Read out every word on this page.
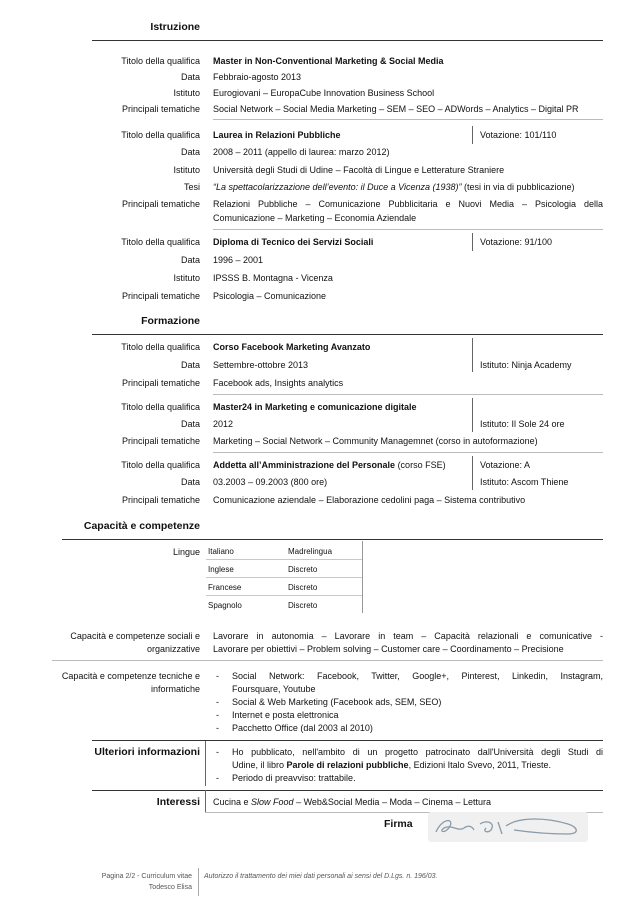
Istruzione
Titolo della qualifica Master in Non-Conventional Marketing & Social Media
Data Febbraio-agosto 2013
Istituto Eurogiovani – EuropaCube Innovation Business School
Principali tematiche Social Network – Social Media Marketing – SEM – SEO – ADWords – Analytics – Digital PR
Titolo della qualifica Laurea in Relazioni Pubbliche	Votazione: 101/110
Data 2008 – 2011 (appello di laurea: marzo 2012)
Istituto Università degli Studi di Udine – Facoltà di Lingue e Letterature Straniere
Tesi “La spettacolarizzazione dell’evento: il Duce a Vicenza (1938)” (tesi in via di pubblicazione)
Principali tematiche Relazioni Pubbliche – Comunicazione Pubblicitaria e Nuovi Media – Psicologia della
Comunicazione – Marketing – Economia Aziendale
Titolo della qualifica Diploma di Tecnico dei Servizi Sociali	Votazione: 91/100
Data 1996 – 2001
Istituto IPSSS B. Montagna - Vicenza
Principali tematiche Psicologia – Comunicazione
Formazione
Titolo della qualifica Corso Facebook Marketing Avanzato
Data Settembre-ottobre 2013	Istituto: Ninja Academy
Principali tematiche Facebook ads, Insights analytics
Titolo della qualifica Master24 in Marketing e comunicazione digitale
Data 2012	Istituto: Il Sole 24 ore
Principali tematiche Marketing – Social Network – Community Managemnet (corso in autoformazione)
Titolo della qualifica Addetta all’Amministrazione del Personale (corso FSE)	Votazione: A
Data 03.2003 – 09.2003 (800 ore)	Istituto: Ascom Thiene
Principali tematiche Comunicazione aziendale – Elaborazione cedolini paga – Sistema contributivo
Capacità e competenze
Lingue Italiano	Madrelingua
Inglese	Discreto
Francese	Discreto
Spagnolo	Discreto
Capacità e competenze sociali e
organizzative
Lavorare in autonomia – Lavorare in team – Capacità relazionali e comunicative -
Lavorare per obiettivi – Problem solving – Customer care – Coordinamento – Precisione
Capacità e competenze tecniche e
informatiche
- Social Network: Facebook, Twitter, Google+, Pinterest, Linkedin, Instagram,
Foursquare, Youtube
- Social & Web Marketing (Facebook ads, SEM, SEO)
- Internet e posta elettronica
- Pacchetto Office (dal 2003 al 2010)
Ulteriori informazioni - Ho pubblicato, nell'ambito di un progetto patrocinato dall'Università degli Studi di
Udine, il libro Parole di relazioni pubbliche, Edizioni Italo Svevo, 2011, Trieste.
- Periodo di preavviso: trattabile.
Interessi Cucina e Slow Food – Web&Social Media – Moda – Cinema – Lettura
Firma
Pagina 2/2 - Curriculum vitae
Todesco Elisa
Autorizzo il trattamento dei miei dati personali ai sensi del D.Lgs. n. 196/03.
